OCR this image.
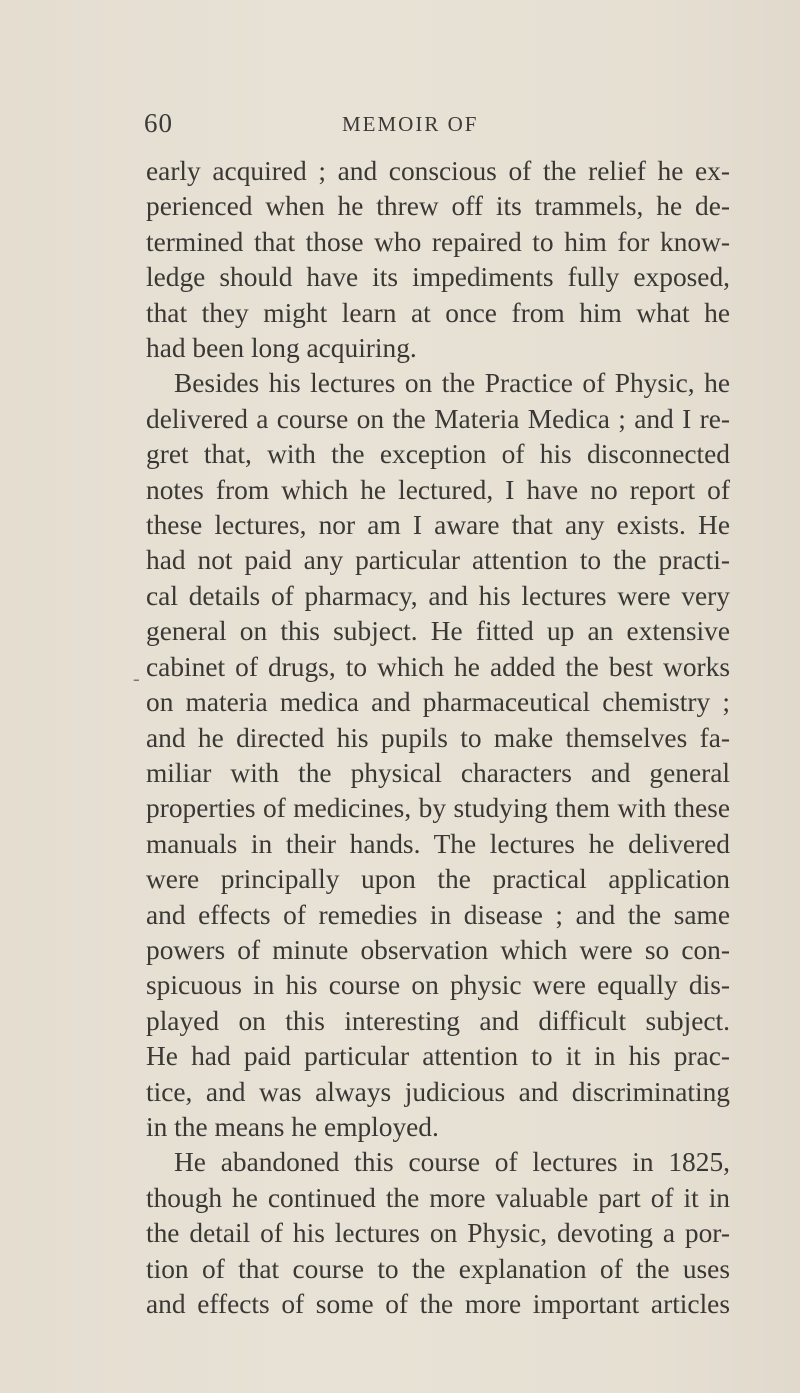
60	MEMOIR OF
-
early acquired ; and conscious of the relief he ex-
perienced when he threw off its trammels, he de-
termined that those who repaired to him for know-
ledge should have its impediments fully exposed,
that they might learn at once from him what he
had been long acquiring.
Besides his lectures on the Practice of Physic, he
delivered a course on the Materia Medica ; and I re-
gret that, with the exception of his disconnected
notes from which he lectured, I have no report of
these lectures, nor am I aware that any exists. He
had not paid any particular attention to the practi-
cal details of pharmacy, and his lectures were very
general on this subject. He fitted up an extensive
cabinet of drugs, to which he added the best works
on materia medica and pharmaceutical chemistry ;
and he directed his pupils to make themselves fa-
miliar with the physical characters and general
properties of medicines, by studying them with these
manuals in their hands. The lectures he delivered
were principally upon the practical application
and effects of remedies in disease ; and the same
powers of minute observation which were so con-
spicuous in his course on physic were equally dis-
played on this interesting and difficult subject.
He had paid particular attention to it in his prac-
tice, and was always judicious and discriminating
in the means he employed.
He abandoned this course of lectures in 1825,
though he continued the more valuable part of it in
the detail of his lectures on Physic, devoting a por-
tion of that course to the explanation of the uses
and effects of some of the more important articles
